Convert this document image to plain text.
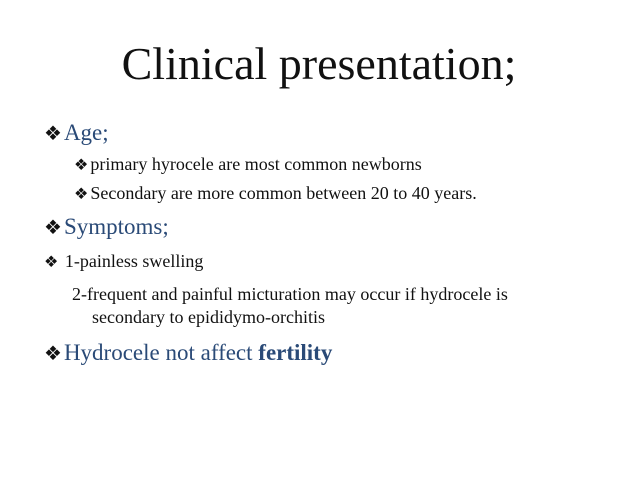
Clinical presentation;
❖Age;
❖ primary hyrocele are most common newborns
❖ Secondary are more common between 20 to 40 years.
❖Symptoms;
❖ 1-painless swelling
2-frequent and painful micturation may occur if hydrocele is
secondary to epididymo-orchitis
❖Hydrocele not affect fertility
